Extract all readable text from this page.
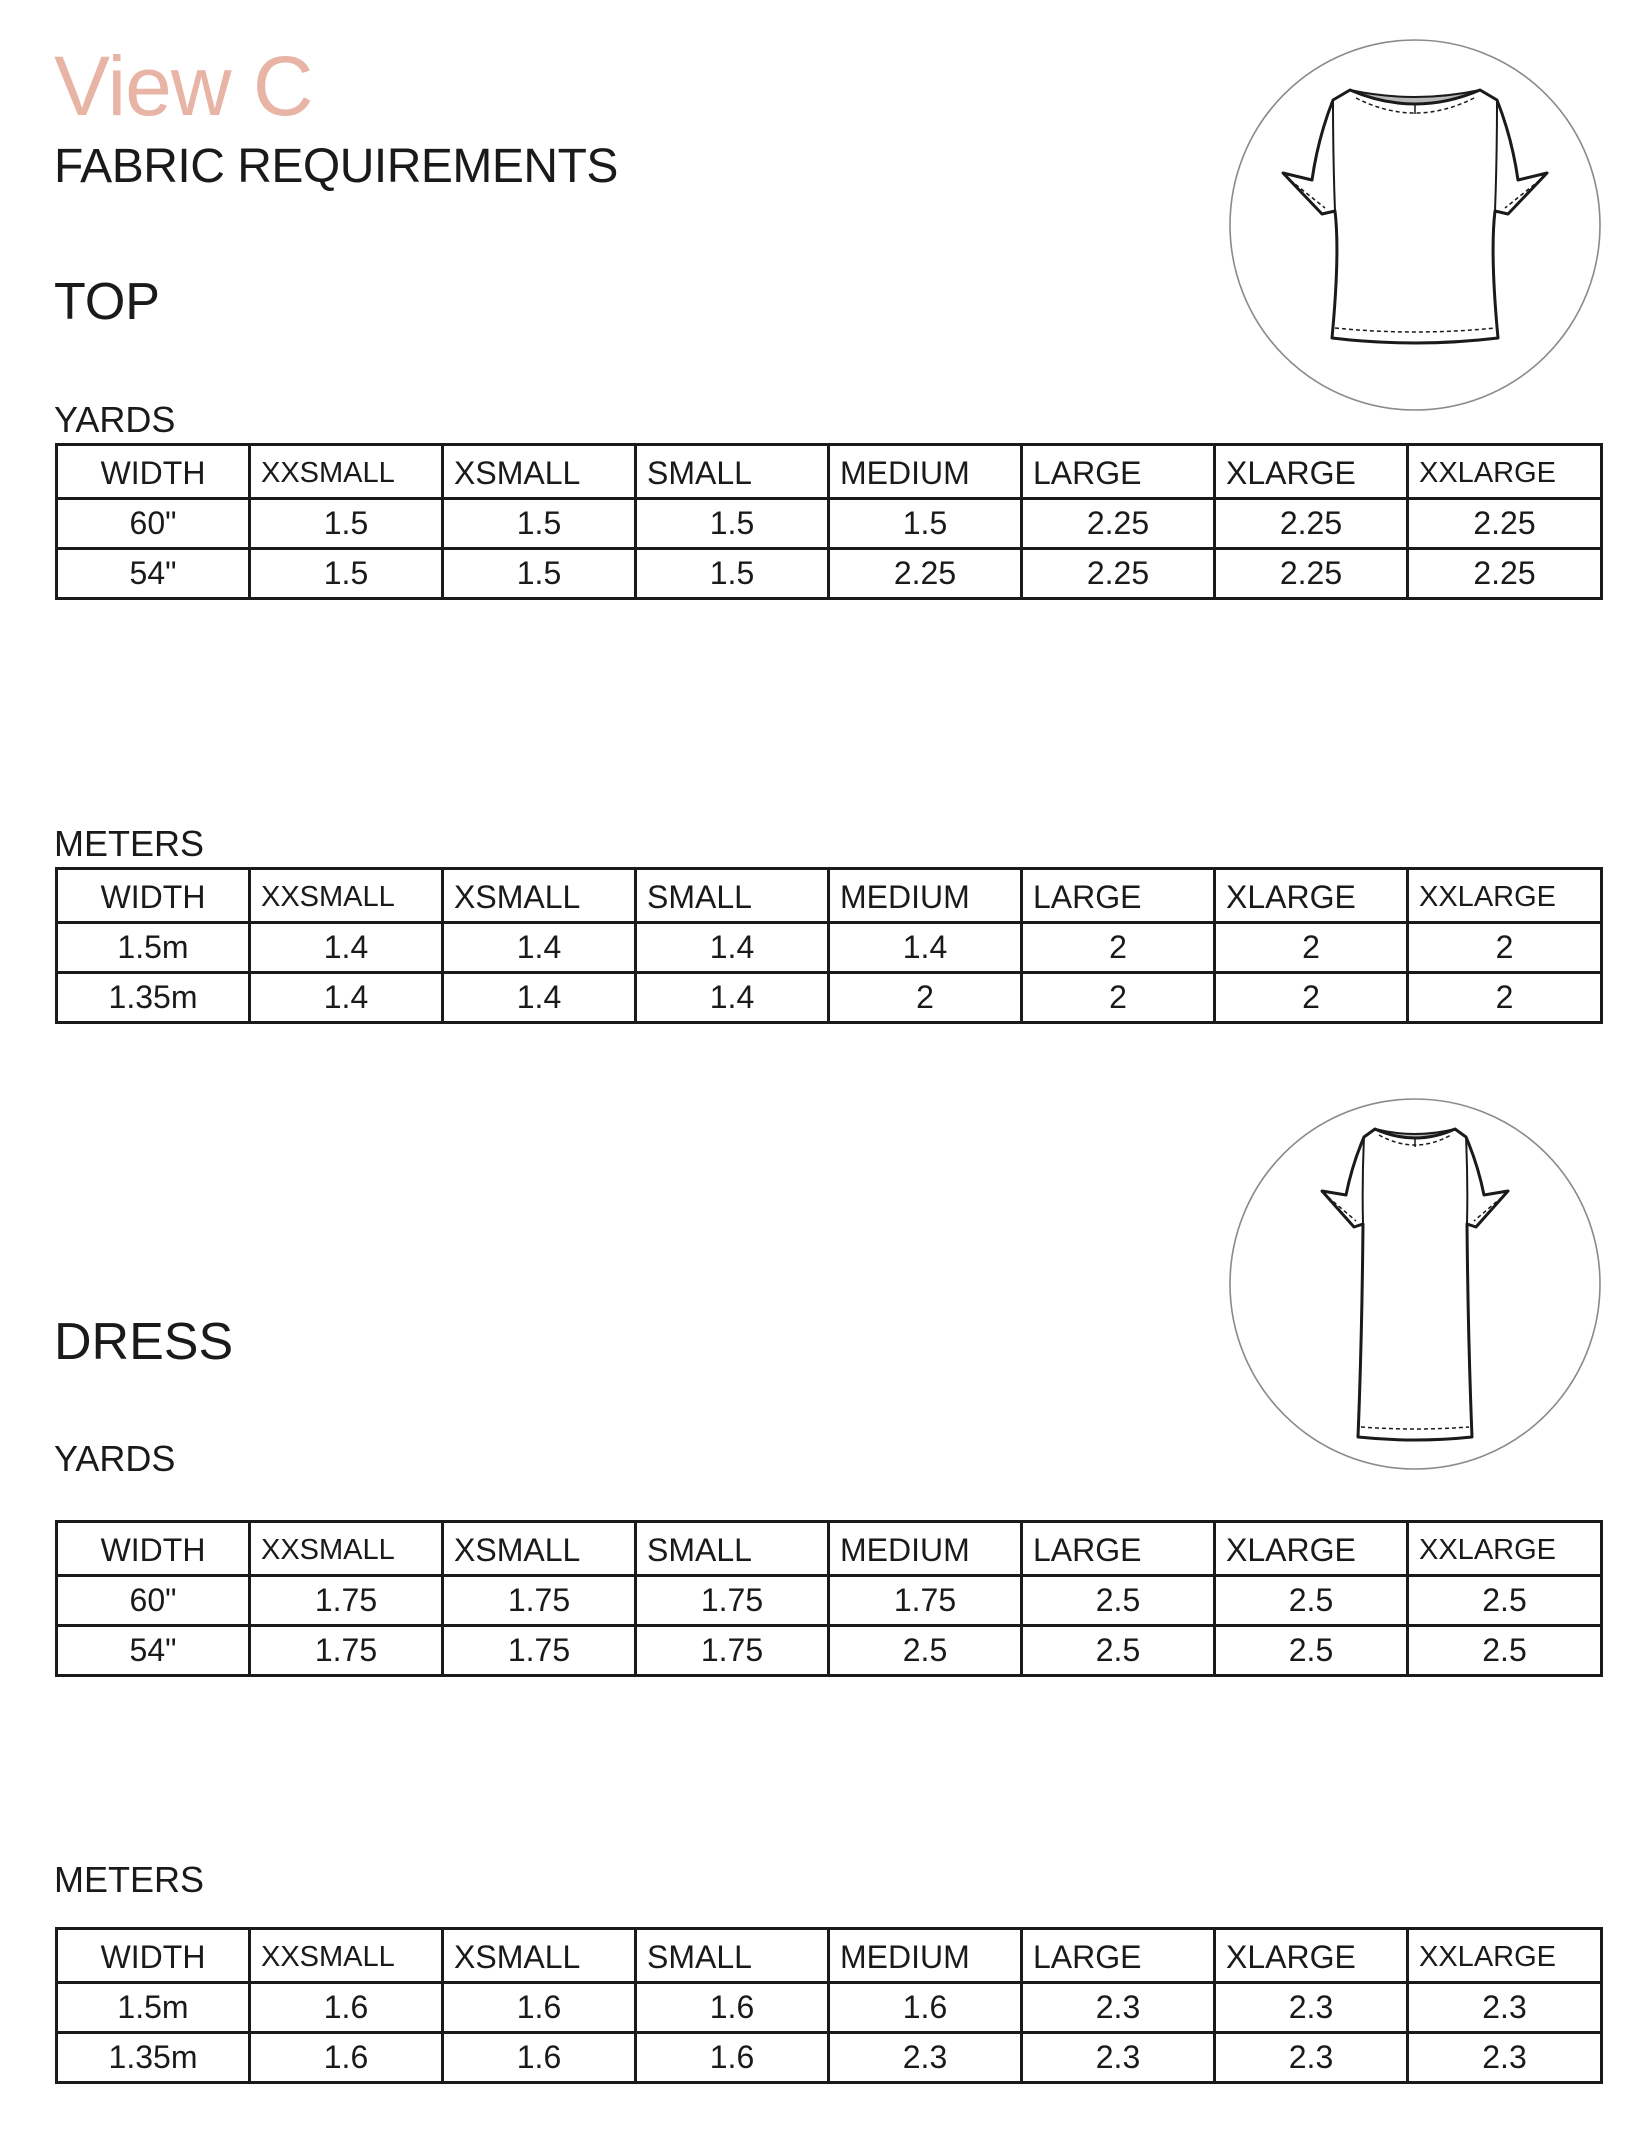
View C
FABRIC REQUIREMENTS
TOP
YARDS
WIDTH	XXSMALL	XSMALL	SMALL	MEDIUM	LARGE	XLARGE	XXLARGE
60"	1.5	1.5	1.5	1.5	2.25	2.25	2.25
54"	1.5	1.5	1.5	2.25	2.25	2.25	2.25
METERS
WIDTH	XXSMALL	XSMALL	SMALL	MEDIUM	LARGE	XLARGE	XXLARGE
1.5m	1.4	1.4	1.4	1.4	2	2	2
1.35m	1.4	1.4	1.4	2	2	2	2
DRESS
YARDS
WIDTH	XXSMALL	XSMALL	SMALL	MEDIUM	LARGE	XLARGE	XXLARGE
60"	1.75	1.75	1.75	1.75	2.5	2.5	2.5
54"	1.75	1.75	1.75	2.5	2.5	2.5	2.5
METERS
WIDTH	XXSMALL	XSMALL	SMALL	MEDIUM	LARGE	XLARGE	XXLARGE
1.5m	1.6	1.6	1.6	1.6	2.3	2.3	2.3
1.35m	1.6	1.6	1.6	2.3	2.3	2.3	2.3
